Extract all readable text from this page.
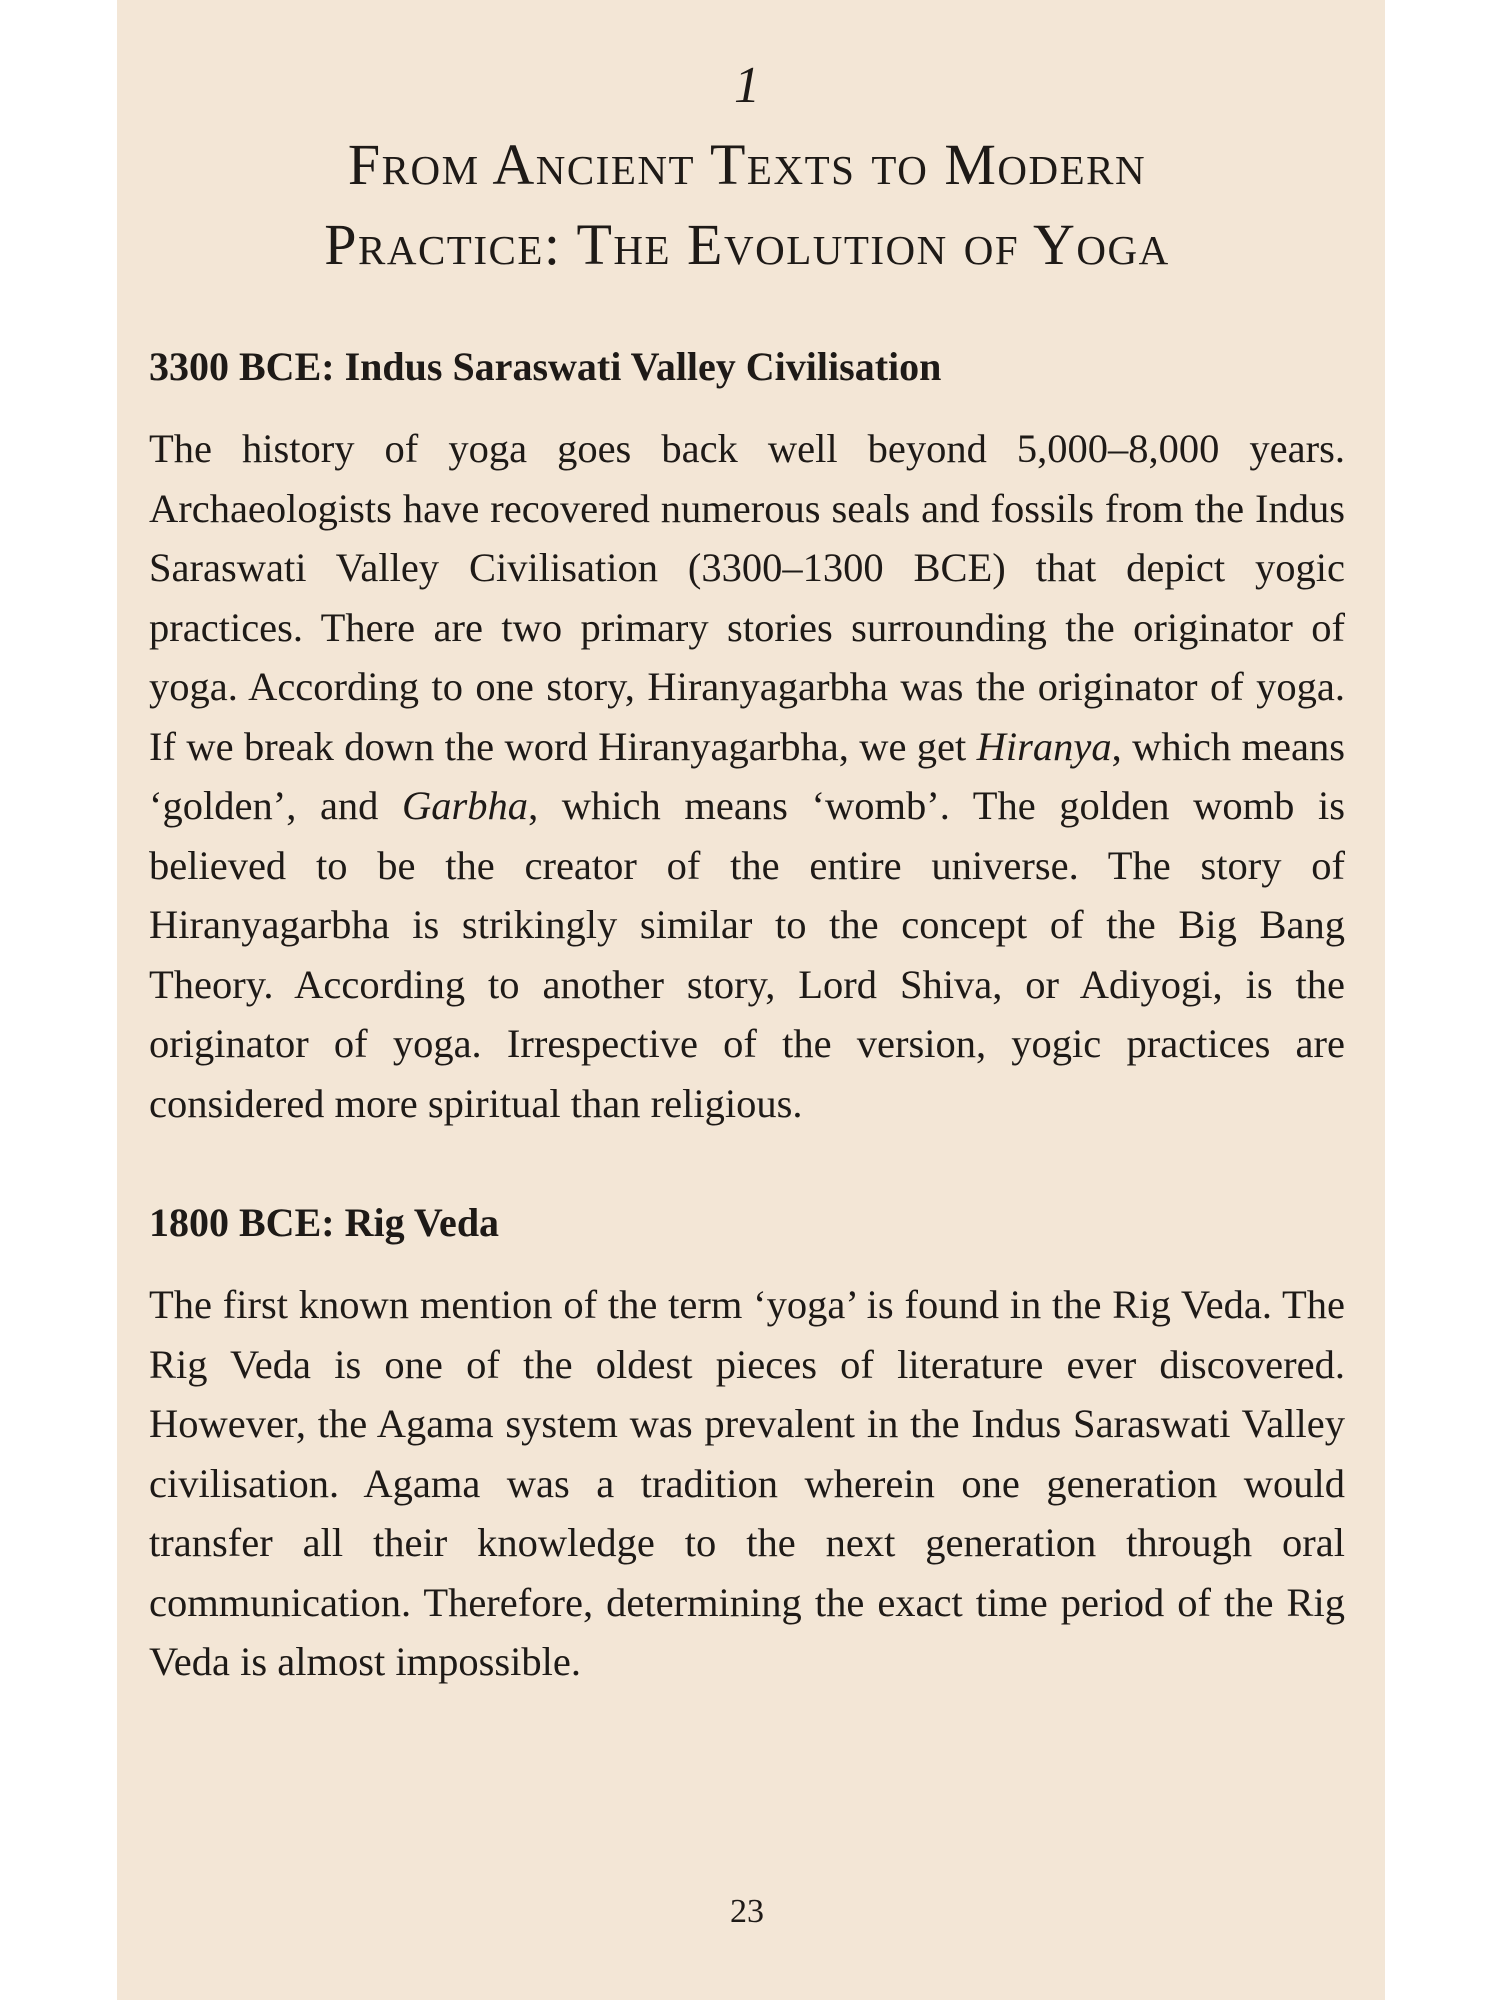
1
From Ancient Texts to Modern
Practice: The Evolution of Yoga
3300 BCE: Indus Saraswati Valley Civilisation

The history of yoga goes back well beyond 5,000–8,000 years. Archaeologists have recovered numerous seals and fossils from the Indus Saraswati Valley Civilisation (3300–1300 BCE) that depict yogic practices. There are two primary stories surrounding the originator of yoga. According to one story, Hiranyagarbha was the originator of yoga. If we break down the word Hiranyagarbha, we get Hiranya, which means ‘golden’, and Garbha, which means ‘womb’. The golden womb is believed to be the creator of the entire universe. The story of Hiranyagarbha is strikingly similar to the concept of the Big Bang Theory. According to another story, Lord Shiva, or Adiyogi, is the originator of yoga. Irrespective of the version, yogic practices are considered more spiritual than religious.

1800 BCE: Rig Veda

The first known mention of the term ‘yoga’ is found in the Rig Veda. The Rig Veda is one of the oldest pieces of literature ever discovered. However, the Agama system was prevalent in the Indus Saraswati Valley civilisation. Agama was a tradition wherein one generation would transfer all their knowledge to the next generation through oral communication. Therefore, determining the exact time period of the Rig Veda is almost impossible.

23
